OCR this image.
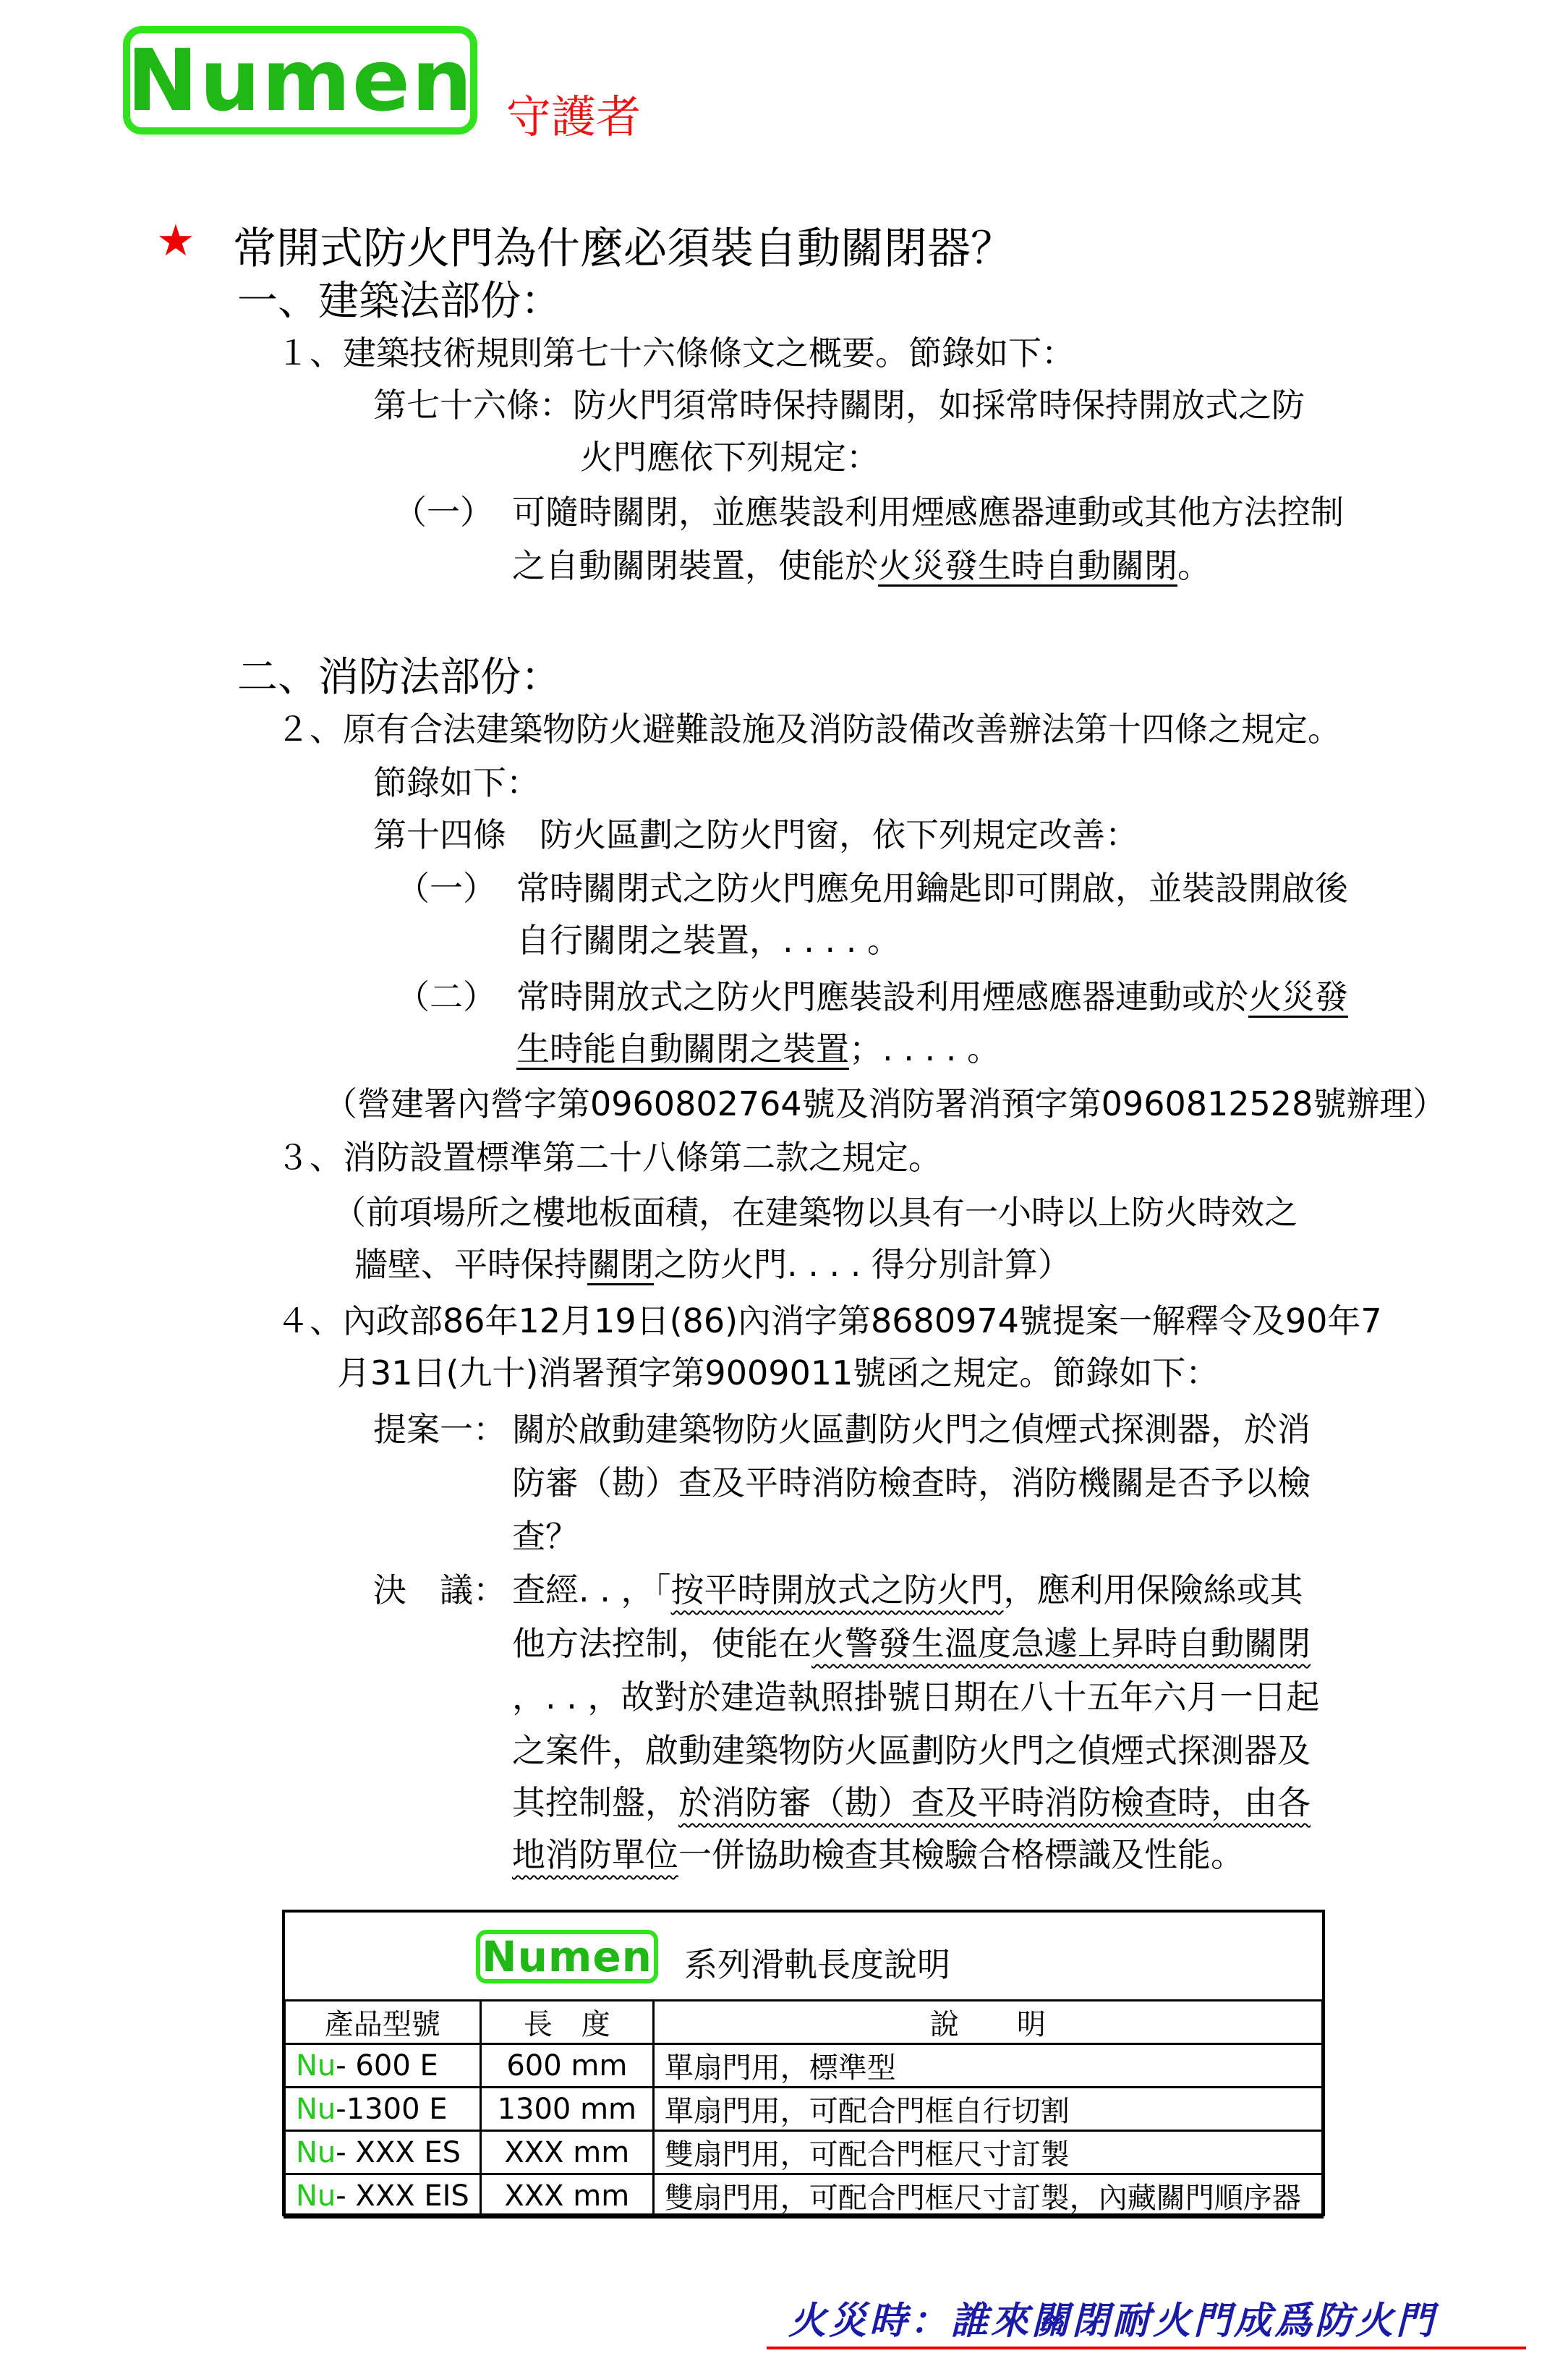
Numen 守護者
★ 常開式防火門為什麼必須裝自動關閉器？
一、建築法部份：
１、建築技術規則第七十六條條文之概要。節錄如下：
第七十六條：防火門須常時保持關閉，如採常時保持開放式之防
火門應依下列規定：
（一） 可隨時關閉，並應裝設利用煙感應器連動或其他方法控制
之自動關閉裝置，使能於火災發生時自動關閉。
二、消防法部份：
２、原有合法建築物防火避難設施及消防設備改善辦法第十四條之規定。
節錄如下：
第十四條　防火區劃之防火門窗，依下列規定改善：
（一） 常時關閉式之防火門應免用鑰匙即可開啟，並裝設開啟後
自行關閉之裝置，. . . . 。
（二） 常時開放式之防火門應裝設利用煙感應器連動或於火災發
生時能自動關閉之裝置；. . . . 。
（營建署內營字第0960802764號及消防署消預字第0960812528號辦理）
３、消防設置標準第二十八條第二款之規定。
（前項場所之樓地板面積，在建築物以具有一小時以上防火時效之
牆壁、平時保持關閉之防火門. . . . 得分別計算）
４、內政部86年12月19日(86)內消字第8680974號提案一解釋令及90年7
月31日(九十)消署預字第9009011號函之規定。節錄如下：
提案一： 關於啟動建築物防火區劃防火門之偵煙式探測器，於消
防審（勘）查及平時消防檢查時，消防機關是否予以檢
查？
決　議： 查經. . ，「按平時開放式之防火門，應利用保險絲或其
他方法控制，使能在火警發生溫度急遽上昇時自動關閉
，. . ，故對於建造執照掛號日期在八十五年六月一日起
之案件，啟動建築物防火區劃防火門之偵煙式探測器及
其控制盤，於消防審（勘）查及平時消防檢查時，由各
地消防單位一併協助檢查其檢驗合格標識及性能。
Numen 系列滑軌長度說明
產品型號	長　度	說　　明
Nu- 600 E	600 mm	單扇門用，標準型
Nu-1300 E	1300 mm	單扇門用，可配合門框自行切割
Nu- XXX ES	XXX mm	雙扇門用，可配合門框尺寸訂製
Nu- XXX EIS	XXX mm	雙扇門用，可配合門框尺寸訂製，內藏關門順序器
火災時：誰來關閉耐火門成爲防火門
